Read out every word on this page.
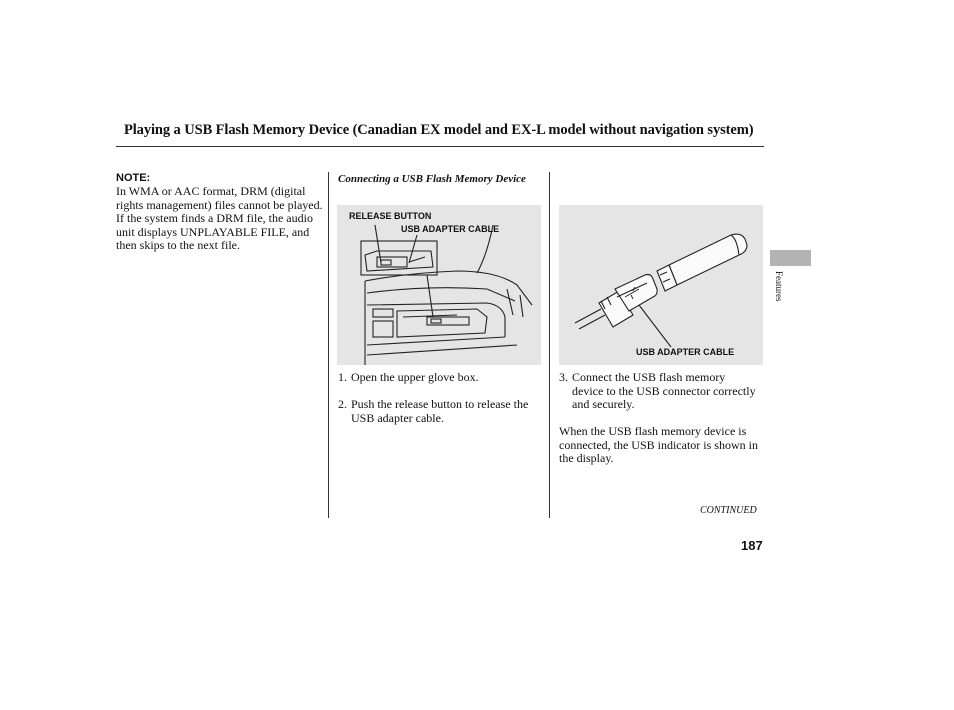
Playing a USB Flash Memory Device (Canadian EX model and EX-L model without navigation system)
NOTE:
In WMA or AAC format, DRM (digital rights management) files cannot be played. If the system finds a DRM file, the audio unit displays UNPLAYABLE FILE, and then skips to the next file.
Connecting a USB Flash Memory Device
RELEASE BUTTON
USB ADAPTER CABLE
USB ADAPTER CABLE
1. Open the upper glove box.
2. Push the release button to release the USB adapter cable.
3. Connect the USB flash memory device to the USB connector correctly and securely.
When the USB flash memory device is connected, the USB indicator is shown in the display.
CONTINUED
187
Features
